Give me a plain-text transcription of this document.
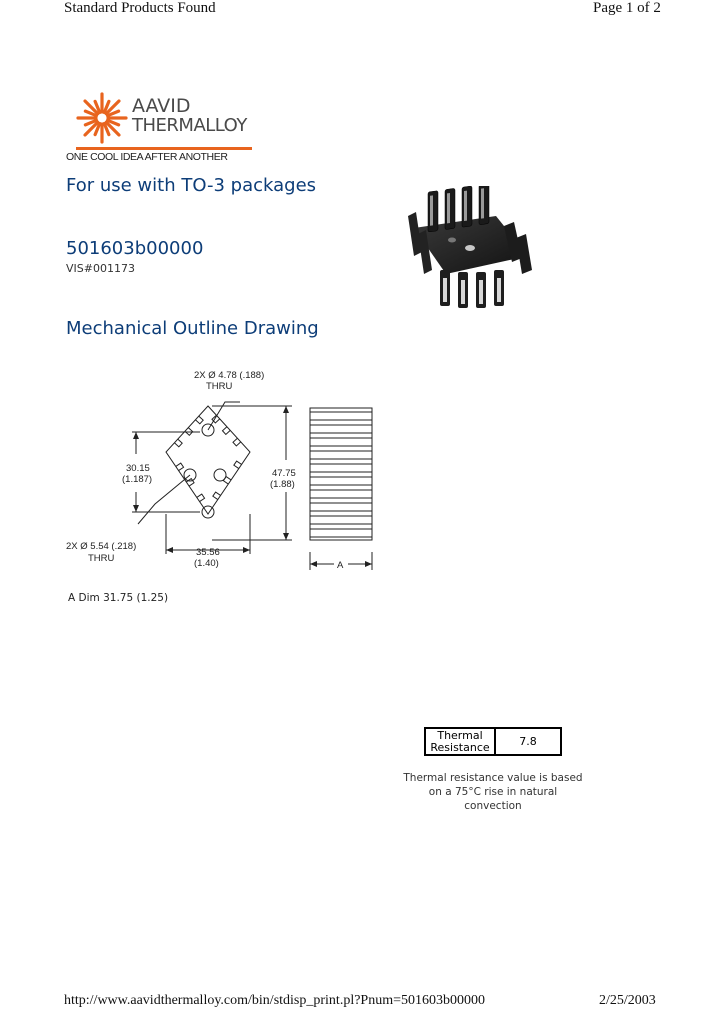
Standard Products Found	Page 1 of 2
AAVID
THERMALLOY
ONE COOL IDEA AFTER ANOTHER
For use with TO-3 packages
501603b00000
VIS#001173
Mechanical Outline Drawing
2X Ø 4.78 (.188)
THRU
2X Ø 5.54 (.218)
THRU
30.15
(1.187)
47.75
(1.88)
35.56
(1.40)	A
A Dim 31.75 (1.25)
Thermal
Resistance	7.8
Thermal resistance value is based
on a 75°C rise in natural
convection
http://www.aavidthermalloy.com/bin/stdisp_print.pl?Pnum=501603b00000	2/25/2003
